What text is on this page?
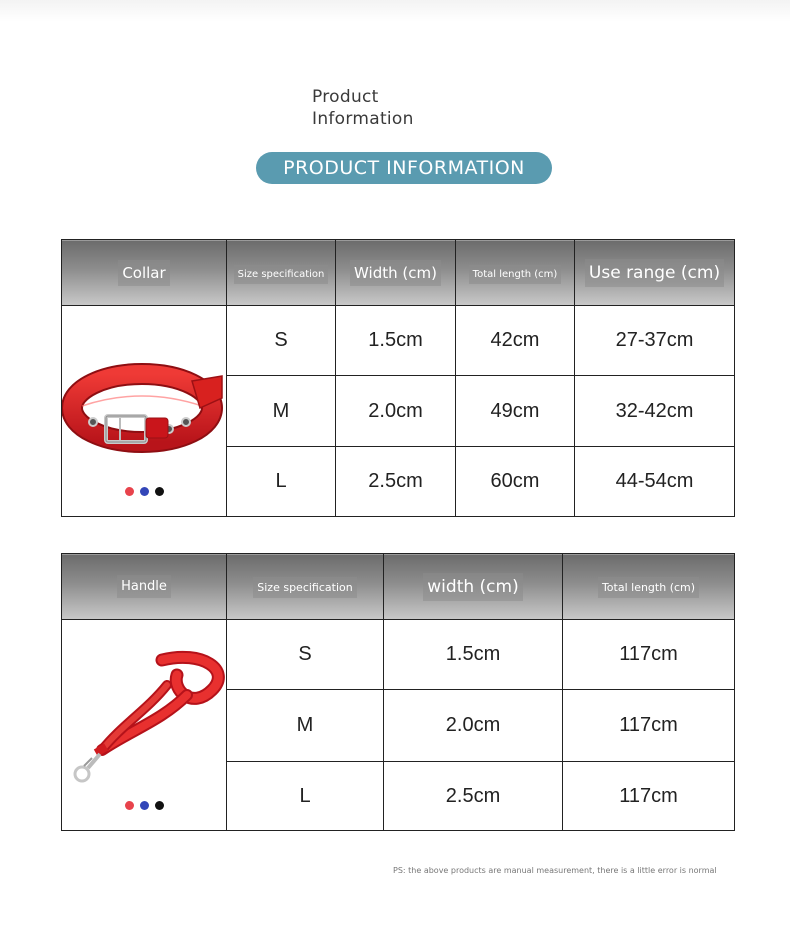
Product
Information
PRODUCT INFORMATION
Collar	Size specification	Width (cm)	Total length (cm)	Use range (cm)

	S	1.5cm	42cm	27-37cm
	M	2.0cm	49cm	32-42cm
	L	2.5cm	60cm	44-54cm
Handle	Size specification	width (cm)	Total length (cm)

	S	1.5cm	117cm
	M	2.0cm	117cm
	L	2.5cm	117cm
PS: the above products are manual measurement, there is a little error is normal
